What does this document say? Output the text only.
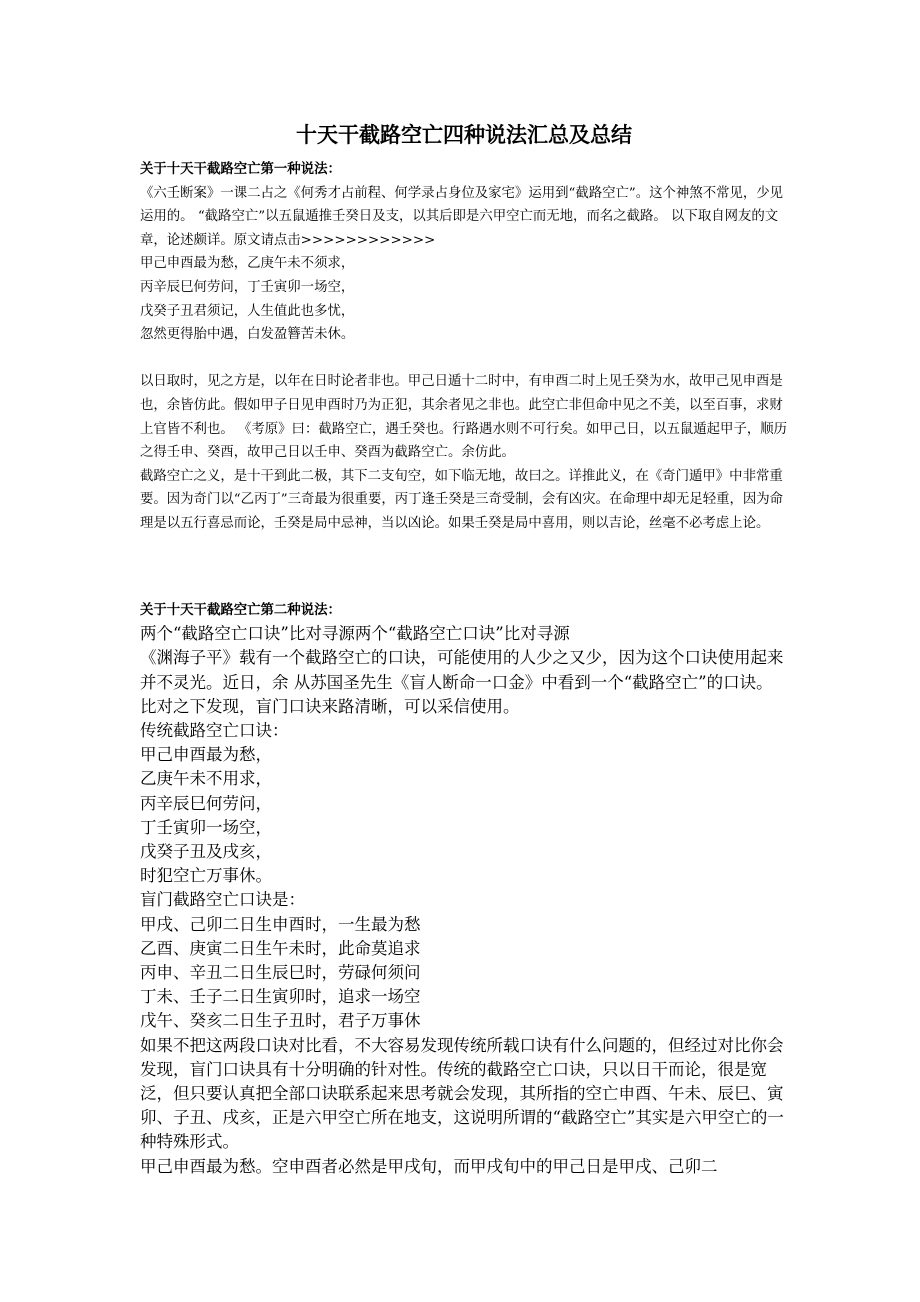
十天干截路空亡四种说法汇总及总结

关于十天干截路空亡第一种说法：

《六壬断案》一课二占之《何秀才占前程、何学录占身位及家宅》运用到“截路空亡”。这个神煞不常见，少见运用的。 “截路空亡”以五鼠遁推壬癸日及支，以其后即是六甲空亡而无地，而名之截路。 以下取自网友的文章，论述颇详。原文请点击>>>>>>>>>>>>

甲己申酉最为愁，乙庚午未不须求，

丙辛辰巳何劳问，丁壬寅卯一场空，

戊癸子丑君须记，人生值此也多忧，

忽然更得胎中遇，白发盈簪苦未休。

以日取时，见之方是，以年在日时论者非也。甲己日遁十二时中，有申酉二时上见壬癸为水，故甲己见申酉是也，余皆仿此。假如甲子日见申酉时乃为正犯，其余者见之非也。此空亡非但命中见之不美，以至百事，求财上官皆不利也。 《考原》曰：截路空亡，遇壬癸也。行路遇水则不可行矣。如甲己日，以五鼠遁起甲子，顺历之得壬申、癸酉，故甲己日以壬申、癸酉为截路空亡。余仿此。

截路空亡之义，是十干到此二极，其下二支旬空，如下临无地，故曰之。详推此义，在《奇门遁甲》中非常重要。因为奇门以“乙丙丁”三奇最为很重要，丙丁逢壬癸是三奇受制，会有凶灾。在命理中却无足轻重，因为命理是以五行喜忌而论，壬癸是局中忌神，当以凶论。如果壬癸是局中喜用，则以吉论，丝毫不必考虑上论。

关于十天干截路空亡第二种说法：

两个“截路空亡口诀”比对寻源两个“截路空亡口诀”比对寻源

《渊海子平》载有一个截路空亡的口诀，可能使用的人少之又少，因为这个口诀使用起来并不灵光。近日，余 从苏国圣先生《盲人断命一口金》中看到一个“截路空亡”的口诀。比对之下发现，盲门口诀来路清晰，可以采信使用。

传统截路空亡口诀：

甲己申酉最为愁，

乙庚午未不用求，

丙辛辰巳何劳问，

丁壬寅卯一场空，

戊癸子丑及戌亥，

时犯空亡万事休。

盲门截路空亡口诀是：

甲戌、己卯二日生申酉时，一生最为愁

乙酉、庚寅二日生午未时，此命莫追求

丙申、辛丑二日生辰巳时，劳碌何须问

丁未、壬子二日生寅卯时，追求一场空

戊午、癸亥二日生子丑时，君子万事休

如果不把这两段口诀对比看，不大容易发现传统所载口诀有什么问题的，但经过对比你会发现，盲门口诀具有十分明确的针对性。传统的截路空亡口诀，只以日干而论，很是宽泛，但只要认真把全部口诀联系起来思考就会发现，其所指的空亡申酉、午未、辰巳、寅卯、子丑、戌亥，正是六甲空亡所在地支，这说明所谓的“截路空亡”其实是六甲空亡的一种特殊形式。

甲己申酉最为愁。空申酉者必然是甲戌旬，而甲戌旬中的甲己日是甲戌、己卯二
